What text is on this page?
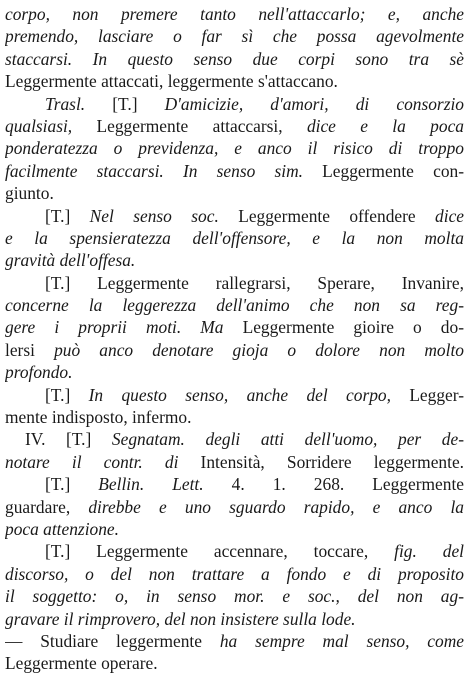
corpo, non premere tanto nell'attaccarlo; e, anche
premendo, lasciare o far sì che possa agevolmente
staccarsi. In questo senso due corpi sono tra sè
Leggermente attaccati, leggermente s'attaccano.
Trasl. [T.] D'amicizie, d'amori, di consorzio
qualsiasi, Leggermente attaccarsi, dice e la poca
ponderatezza o previdenza, e anco il risico di troppo
facilmente staccarsi. In senso sim. Leggermente con-
giunto.
[T.] Nel senso soc. Leggermente offendere dice
e la spensieratezza dell'offensore, e la non molta
gravità dell'offesa.
[T.] Leggermente rallegrarsi, Sperare, Invanire,
concerne la leggerezza dell'animo che non sa reg-
gere i proprii moti. Ma Leggermente gioire o do-
lersi può anco denotare gioja o dolore non molto
profondo.
[T.] In questo senso, anche del corpo, Legger-
mente indisposto, infermo.
IV. [T.] Segnatam. degli atti dell'uomo, per de-
notare il contr. di Intensità, Sorridere leggermente.
[T.] Bellin. Lett. 4. 1. 268. Leggermente
guardare, direbbe e uno sguardo rapido, e anco la
poca attenzione.
[T.] Leggermente accennare, toccare, fig. del
discorso, o del non trattare a fondo e di proposito
il soggetto: o, in senso mor. e soc., del non ag-
gravare il rimprovero, del non insistere sulla lode.
— Studiare leggermente ha sempre mal senso, come
Leggermente operare.
